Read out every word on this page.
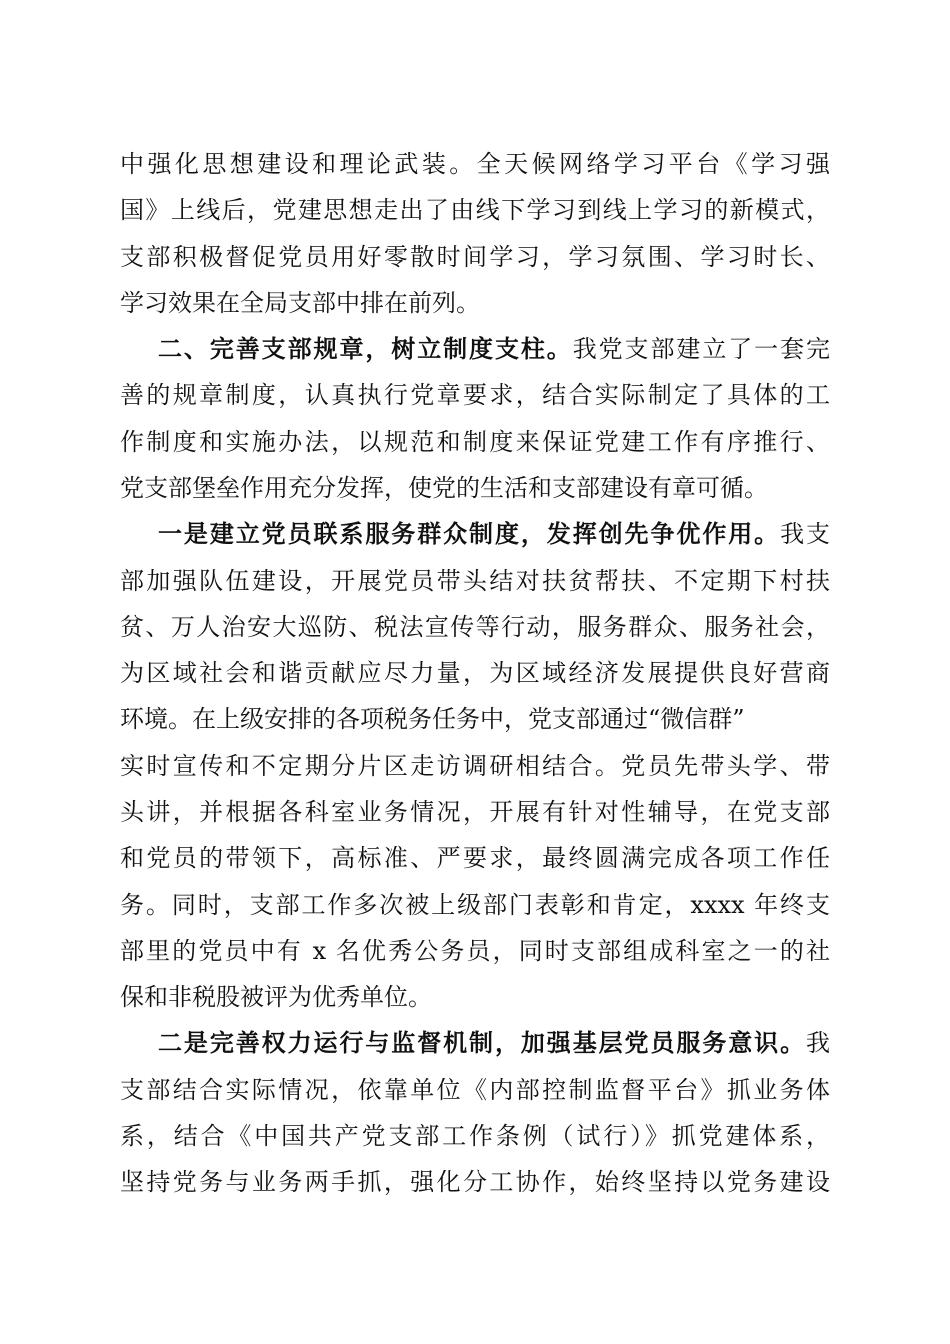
中强化思想建设和理论武装。全天候网络学习平台《学习强
国》上线后，党建思想走出了由线下学习到线上学习的新模式，
支部积极督促党员用好零散时间学习，学习氛围、学习时长、
学习效果在全局支部中排在前列。
二、完善支部规章，树立制度支柱。我党支部建立了一套完
善的规章制度，认真执行党章要求，结合实际制定了具体的工
作制度和实施办法，以规范和制度来保证党建工作有序推行、
党支部堡垒作用充分发挥，使党的生活和支部建设有章可循。
一是建立党员联系服务群众制度，发挥创先争优作用。我支
部加强队伍建设，开展党员带头结对扶贫帮扶、不定期下村扶
贫、万人治安大巡防、税法宣传等行动，服务群众、服务社会，
为区域社会和谐贡献应尽力量，为区域经济发展提供良好营商
环境。在上级安排的各项税务任务中，党支部通过“微信群”
实时宣传和不定期分片区走访调研相结合。党员先带头学、带
头讲，并根据各科室业务情况，开展有针对性辅导，在党支部
和党员的带领下，高标准、严要求，最终圆满完成各项工作任
务。同时，支部工作多次被上级部门表彰和肯定，xxxx 年终支
部里的党员中有 x 名优秀公务员，同时支部组成科室之一的社
保和非税股被评为优秀单位。
二是完善权力运行与监督机制，加强基层党员服务意识。我
支部结合实际情况，依靠单位《内部控制监督平台》抓业务体
系，结合《中国共产党支部工作条例（试行）》抓党建体系，
坚持党务与业务两手抓，强化分工协作，始终坚持以党务建设
